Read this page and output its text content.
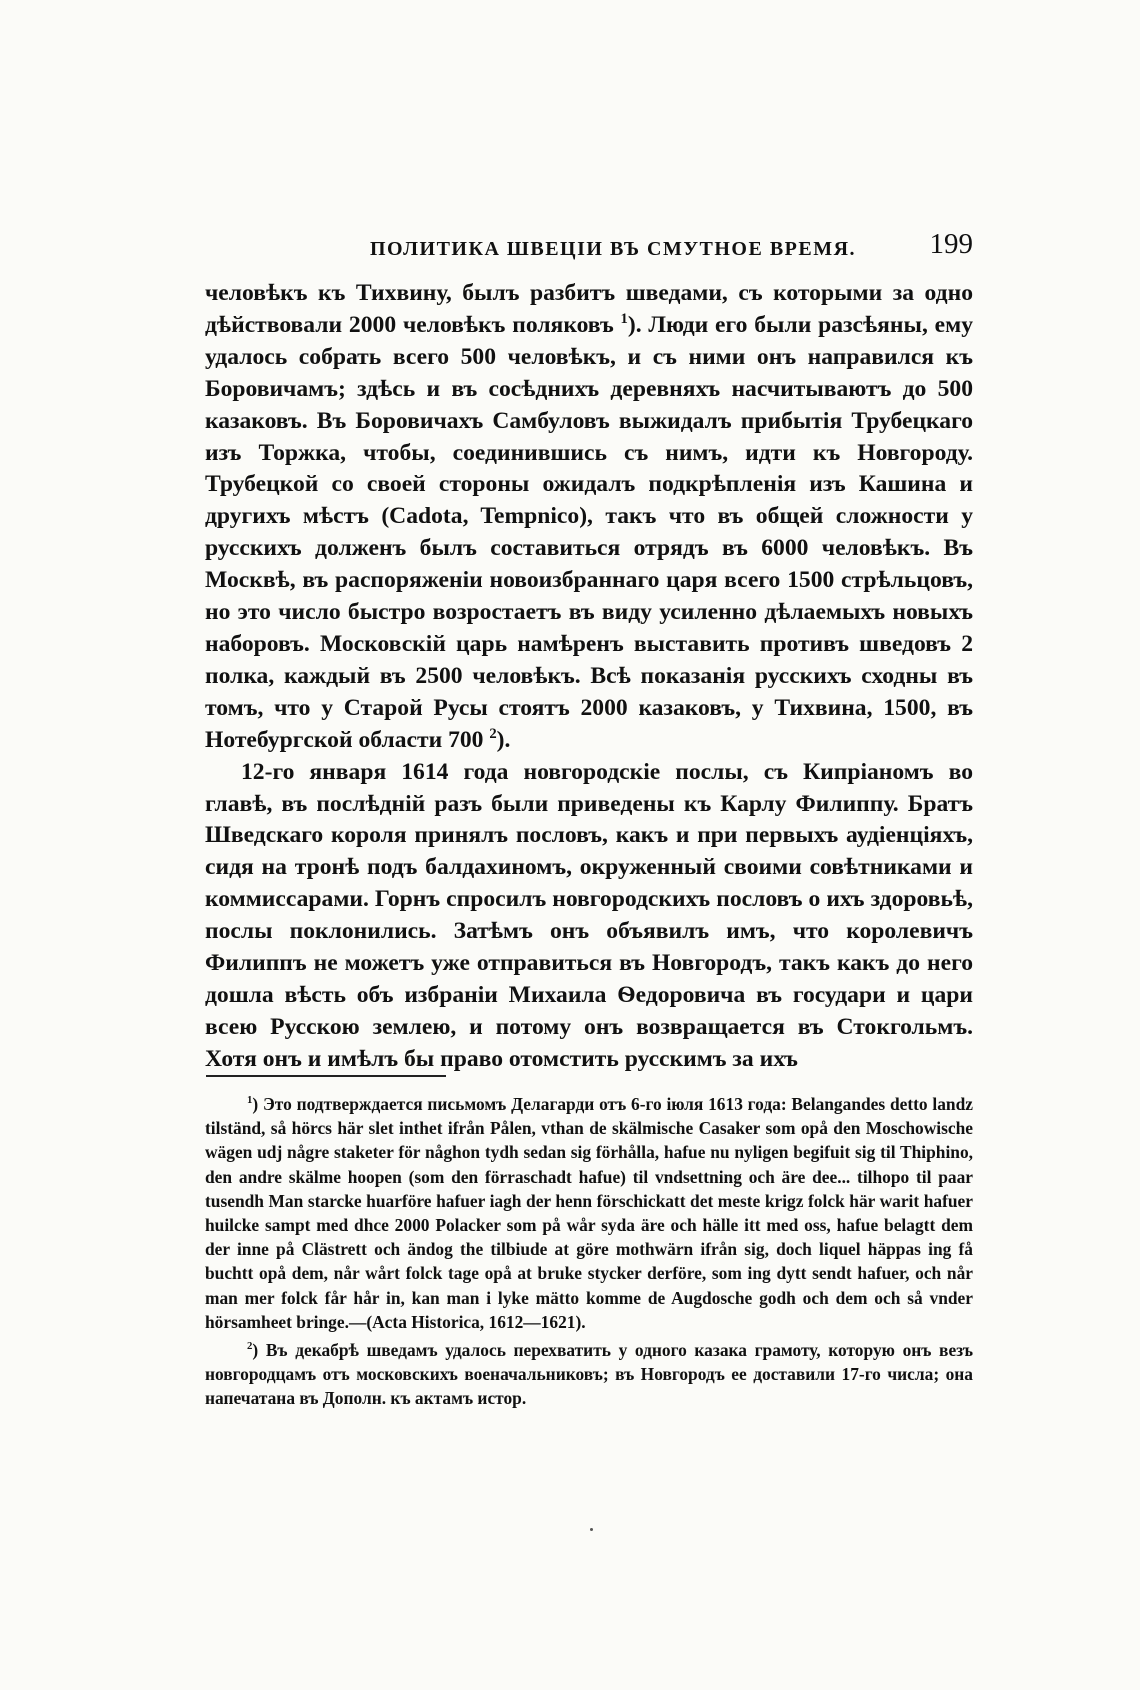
ПОЛИТИКА ШВЕЦІИ ВЪ СМУТНОЕ ВРЕМЯ.	199

человѣкъ къ Тихвину, былъ разбитъ шведами, съ которыми за одно дѣйствовали 2000 человѣкъ поляковъ $^1$). Люди его были разсѣяны, ему удалось собрать всего 500 человѣкъ, и съ ними онъ направился къ Боровичамъ; здѣсь и въ сосѣднихъ деревняхъ насчитываютъ до 500 казаковъ. Въ Боровичахъ Самбуловъ выжидалъ прибытія Трубецкаго изъ Торжка, чтобы, соединившись съ нимъ, идти къ Новгороду. Трубецкой со своей стороны ожидалъ подкрѣпленія изъ Кашина и другихъ мѣстъ (Cadota, Tempnico), такъ что въ общей сложности у русскихъ долженъ былъ составиться отрядъ въ 6000 человѣкъ. Въ Москвѣ, въ распоряженіи новоизбраннаго царя всего 1500 стрѣльцовъ, но это число быстро возростаетъ въ виду усиленно дѣлаемыхъ новыхъ наборовъ. Московскій царь намѣренъ выставить противъ шведовъ 2 полка, каждый въ 2500 человѣкъ. Всѣ показанія русскихъ сходны въ томъ, что у Старой Русы стоятъ 2000 казаковъ, у Тихвина, 1500, въ Нотебургской области 700 $^2$).

12-го января 1614 года новгородскіе послы, съ Кипріаномъ во главѣ, въ послѣдній разъ были приведены къ Карлу Филиппу. Братъ Шведскаго короля принялъ пословъ, какъ и при первыхъ аудіенціяхъ, сидя на тронѣ подъ балдахиномъ, окруженный своими совѣтниками и коммиссарами. Горнъ спросилъ новгородскихъ пословъ о ихъ здоровьѣ, послы поклонились. Затѣмъ онъ объявилъ имъ, что королевичъ Филиппъ не можетъ уже отправиться въ Новгородъ, такъ какъ до него дошла вѣсть объ избраніи Михаила Ѳедоровича въ государи и цари всею Русскою землею, и потому онъ возвращается въ Стокгольмъ. Хотя онъ и имѣлъ бы право отомстить русскимъ за ихъ

$^1$) Это подтверждается письмомъ Делагарди отъ 6-го іюля 1613 года: Belangandes detto landz tilständ, så hörcs här slet inthet ifrån Pålen, vthan de skälmische Casaker som opå den Moschowische wägen udj någre staketer för någhon tydh sedan sig förhålla, hafue nu nyligen begifuit sig til Thiphino, den andre skälme hoopen (som den förraschadt hafue) til vndsettning och äre dee... tilhopo til paar tusendh Man starcke huarföre hafuer iagh der henn förschickatt det meste krigz folck här warit hafuer huilcke sampt med dhce 2000 Polacker som på wår syda äre och hälle itt med oss, hafue belagtt dem der inne på Clästrett och ändog the tilbiude at göre mothwärn ifrån sig, doch liquel häppas ing få buchtt opå dem, når wårt folck tage opå at bruke stycker derföre, som ing dytt sendt hafuer, och når man mer folck får hår in, kan man i lyke mätto komme de Augdosche godh och dem och så vnder hörsamheet bringe.—(Acta Historica, 1612—1621).

$^2$) Въ декабрѣ шведамъ удалось перехватить у одного казака грамоту, которую онъ везъ новгородцамъ отъ московскихъ военачальниковъ; въ Новгородъ ее доставили 17-го числа; она напечатана въ Дополн. къ актамъ истор.
